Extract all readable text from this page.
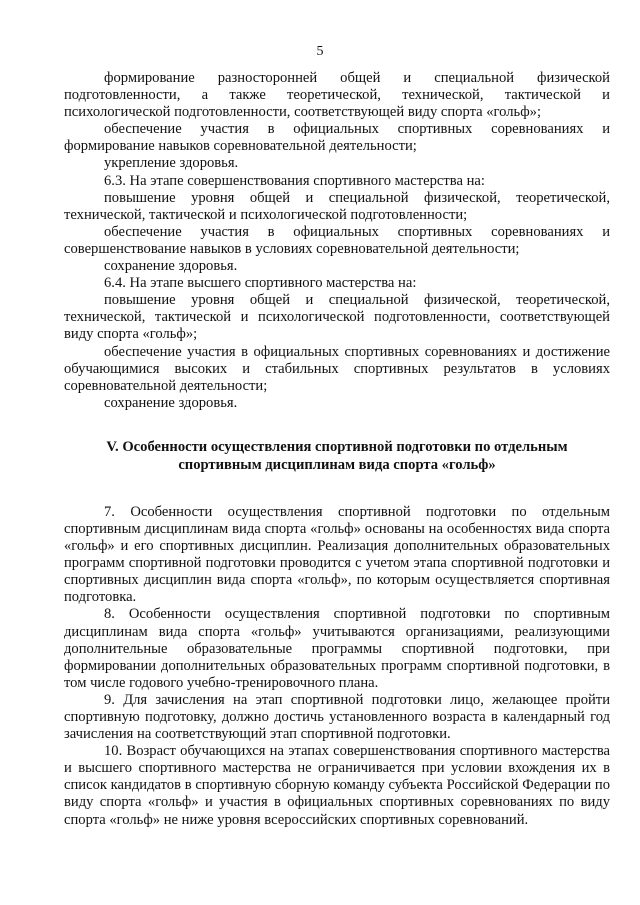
5

формирование разносторонней общей и специальной физической подготовленности, а также теоретической, технической, тактической и психологической подготовленности, соответствующей виду спорта «гольф»;

обеспечение участия в официальных спортивных соревнованиях и формирование навыков соревновательной деятельности;

укрепление здоровья.

6.3. На этапе совершенствования спортивного мастерства на:

повышение уровня общей и специальной физической, теоретической, технической, тактической и психологической подготовленности;

обеспечение участия в официальных спортивных соревнованиях и совершенствование навыков в условиях соревновательной деятельности;

сохранение здоровья.

6.4. На этапе высшего спортивного мастерства на:

повышение уровня общей и специальной физической, теоретической, технической, тактической и психологической подготовленности, соответствующей виду спорта «гольф»;

обеспечение участия в официальных спортивных соревнованиях и достижение обучающимися высоких и стабильных спортивных результатов в условиях соревновательной деятельности;

сохранение здоровья.

V. Особенности осуществления спортивной подготовки по отдельным
спортивным дисциплинам вида спорта «гольф»

7. Особенности осуществления спортивной подготовки по отдельным спортивным дисциплинам вида спорта «гольф» основаны на особенностях вида спорта «гольф» и его спортивных дисциплин. Реализация дополнительных образовательных программ спортивной подготовки проводится с учетом этапа спортивной подготовки и спортивных дисциплин вида спорта «гольф», по которым осуществляется спортивная подготовка.

8. Особенности осуществления спортивной подготовки по спортивным дисциплинам вида спорта «гольф» учитываются организациями, реализующими дополнительные образовательные программы спортивной подготовки, при формировании дополнительных образовательных программ спортивной подготовки, в том числе годового учебно-тренировочного плана.

9. Для зачисления на этап спортивной подготовки лицо, желающее пройти спортивную подготовку, должно достичь установленного возраста в календарный год зачисления на соответствующий этап спортивной подготовки.

10. Возраст обучающихся на этапах совершенствования спортивного мастерства и высшего спортивного мастерства не ограничивается при условии вхождения их в список кандидатов в спортивную сборную команду субъекта Российской Федерации по виду спорта «гольф» и участия в официальных спортивных соревнованиях по виду спорта «гольф» не ниже уровня всероссийских спортивных соревнований.
